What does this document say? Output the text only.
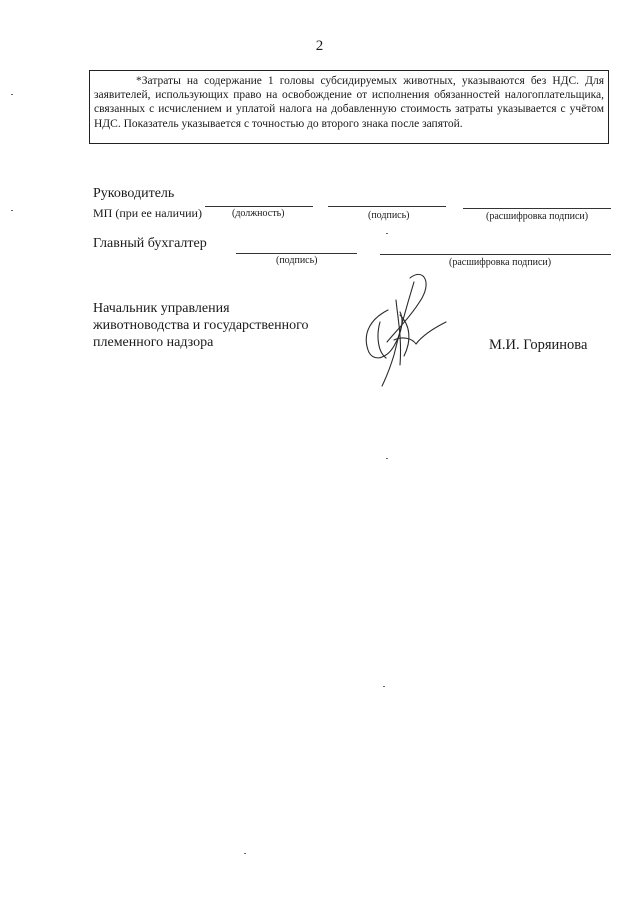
2

*Затраты на содержание 1 головы субсидируемых животных, указываются без НДС. Для заявителей, использующих право на освобождение от исполнения обязанностей налогоплательщика, связанных с исчислением и уплатой налога на добавленную стоимость затраты указывается с учётом НДС. Показатель указывается с точностью до второго знака после запятой.

Руководитель
МП (при ее наличии)	(должность)	(подпись)	(расшифровка подписи)
Главный бухгалтер
(подпись)	(расшифровка подписи)
Начальник управления
животноводства и государственного
племенного надзора	М.И. Горяинова
